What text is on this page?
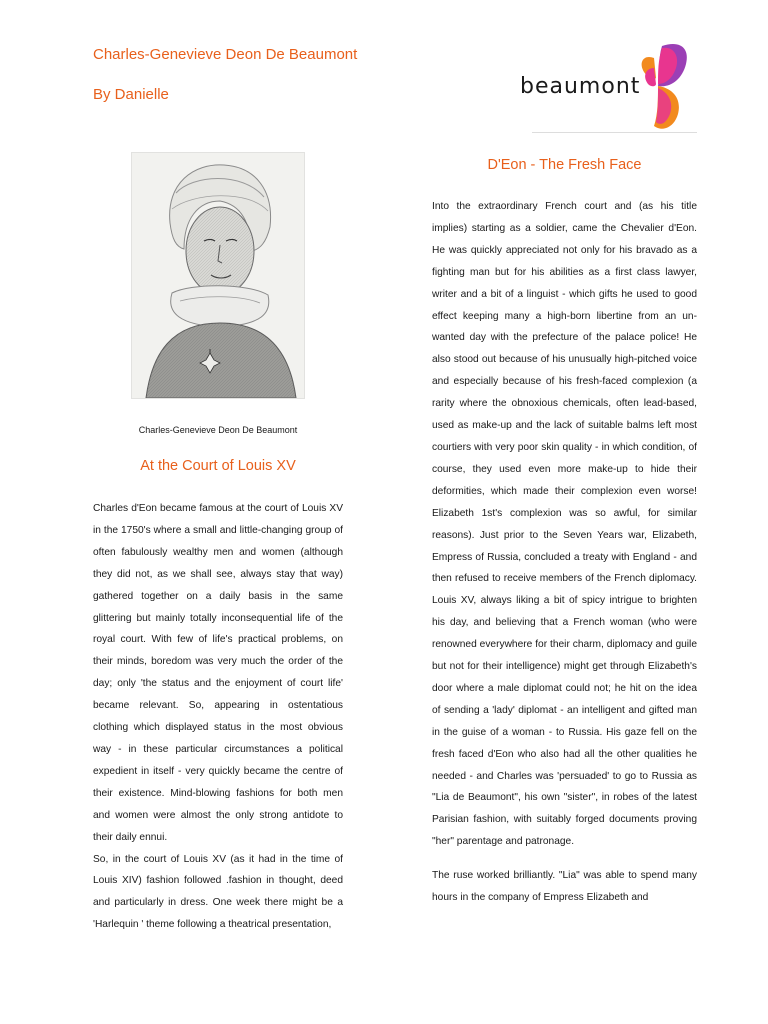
Charles-Genevieve Deon De Beaumont
By Danielle	beaumont

Charles-Genevieve Deon De Beaumont

At the Court of Louis XV

Charles d'Eon became famous at the court of Louis XV in the 1750's where a small and little-changing group of often fabulously wealthy men and women (although they did not, as we shall see, always stay that way) gathered together on a daily basis in the same glittering but mainly totally inconsequential life of the royal court. With few of life's practical problems, on their minds, boredom was very much the order of the day; only 'the status and the enjoyment of court life' became relevant. So, appearing in ostentatious clothing which displayed status in the most obvious way - in these particular circumstances a political expedient in itself - very quickly became the centre of their existence. Mind-blowing fashions for both men and women were almost the only strong antidote to their daily ennui.

So, in the court of Louis XV (as it had in the time of Louis XIV) fashion followed .fashion in thought, deed and particularly in dress. One week there might be a 'Harlequin ' theme following a theatrical presentation,

D'Eon - The Fresh Face

Into the extraordinary French court and (as his title implies) starting as a soldier, came the Chevalier d'Eon. He was quickly appreciated not only for his bravado as a fighting man but for his abilities as a first class lawyer, writer and a bit of a linguist - which gifts he used to good effect keeping many a high-born libertine from an un-wanted day with the prefecture of the palace police! He also stood out because of his unusually high-pitched voice and especially because of his fresh-faced complexion (a rarity where the obnoxious chemicals, often lead-based, used as make-up and the lack of suitable balms left most courtiers with very poor skin quality - in which condition, of course, they used even more make-up to hide their deformities, which made their complexion even worse! Elizabeth 1st's complexion was so awful, for similar reasons). Just prior to the Seven Years war, Elizabeth, Empress of Russia, concluded a treaty with England - and then refused to receive members of the French diplomacy. Louis XV, always liking a bit of spicy intrigue to brighten his day, and believing that a French woman (who were renowned everywhere for their charm, diplomacy and guile but not for their intelligence) might get through Elizabeth's door where a male diplomat could not; he hit on the idea of sending a 'lady' diplomat - an intelligent and gifted man in the guise of a woman - to Russia. His gaze fell on the fresh faced d'Eon who also had all the other qualities he needed - and Charles was 'persuaded' to go to Russia as "Lia de Beaumont", his own "sister", in robes of the latest Parisian fashion, with suitably forged documents proving "her" parentage and patronage.

The ruse worked brilliantly. "Lia" was able to spend many hours in the company of Empress Elizabeth and
